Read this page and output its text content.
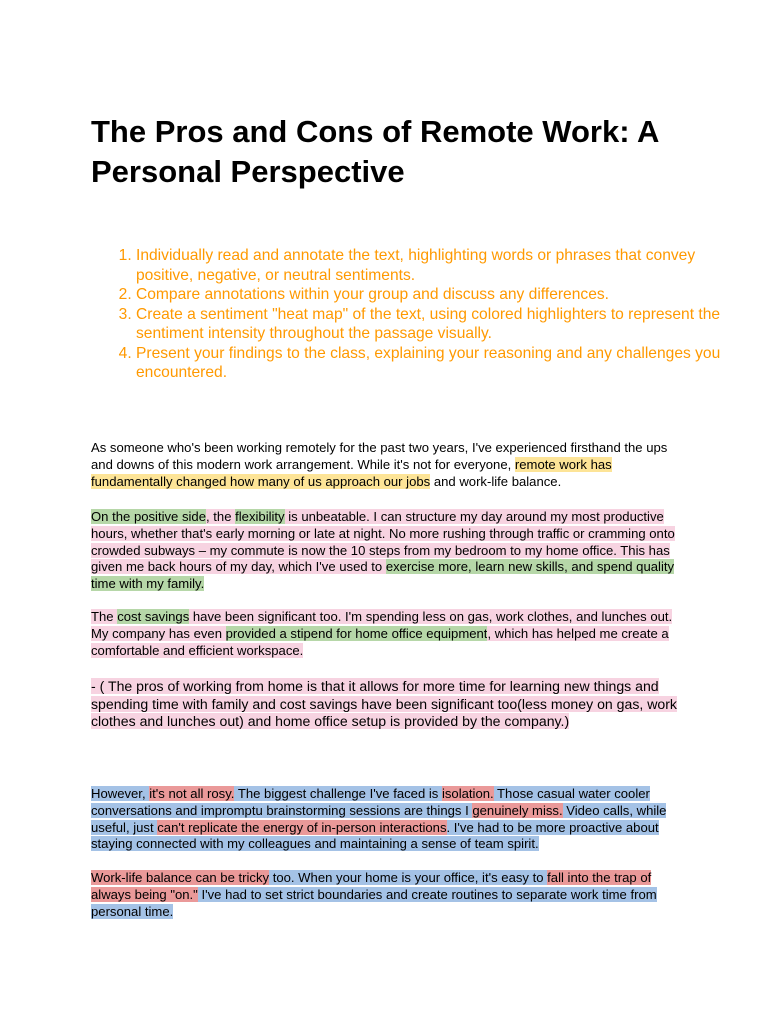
The Pros and Cons of Remote Work: A Personal Perspective
1. Individually read and annotate the text, highlighting words or phrases that convey positive, negative, or neutral sentiments.
2. Compare annotations within your group and discuss any differences.
3. Create a sentiment "heat map" of the text, using colored highlighters to represent the sentiment intensity throughout the passage visually.
4. Present your findings to the class, explaining your reasoning and any challenges you encountered.

As someone who's been working remotely for the past two years, I've experienced firsthand the ups and downs of this modern work arrangement. While it's not for everyone, remote work has fundamentally changed how many of us approach our jobs and work-life balance.

On the positive side, the flexibility is unbeatable. I can structure my day around my most productive hours, whether that's early morning or late at night. No more rushing through traffic or cramming onto crowded subways – my commute is now the 10 steps from my bedroom to my home office. This has given me back hours of my day, which I've used to exercise more, learn new skills, and spend quality time with my family.

The cost savings have been significant too. I'm spending less on gas, work clothes, and lunches out. My company has even provided a stipend for home office equipment, which has helped me create a comfortable and efficient workspace.

- ( The pros of working from home is that it allows for more time for learning new things and spending time with family and cost savings have been significant too(less money on gas, work clothes and lunches out) and home office setup is provided by the company.)

However, it's not all rosy. The biggest challenge I've faced is isolation. Those casual water cooler conversations and impromptu brainstorming sessions are things I genuinely miss. Video calls, while useful, just can't replicate the energy of in-person interactions. I've had to be more proactive about staying connected with my colleagues and maintaining a sense of team spirit.

Work-life balance can be tricky too. When your home is your office, it's easy to fall into the trap of always being "on." I've had to set strict boundaries and create routines to separate work time from personal time.
